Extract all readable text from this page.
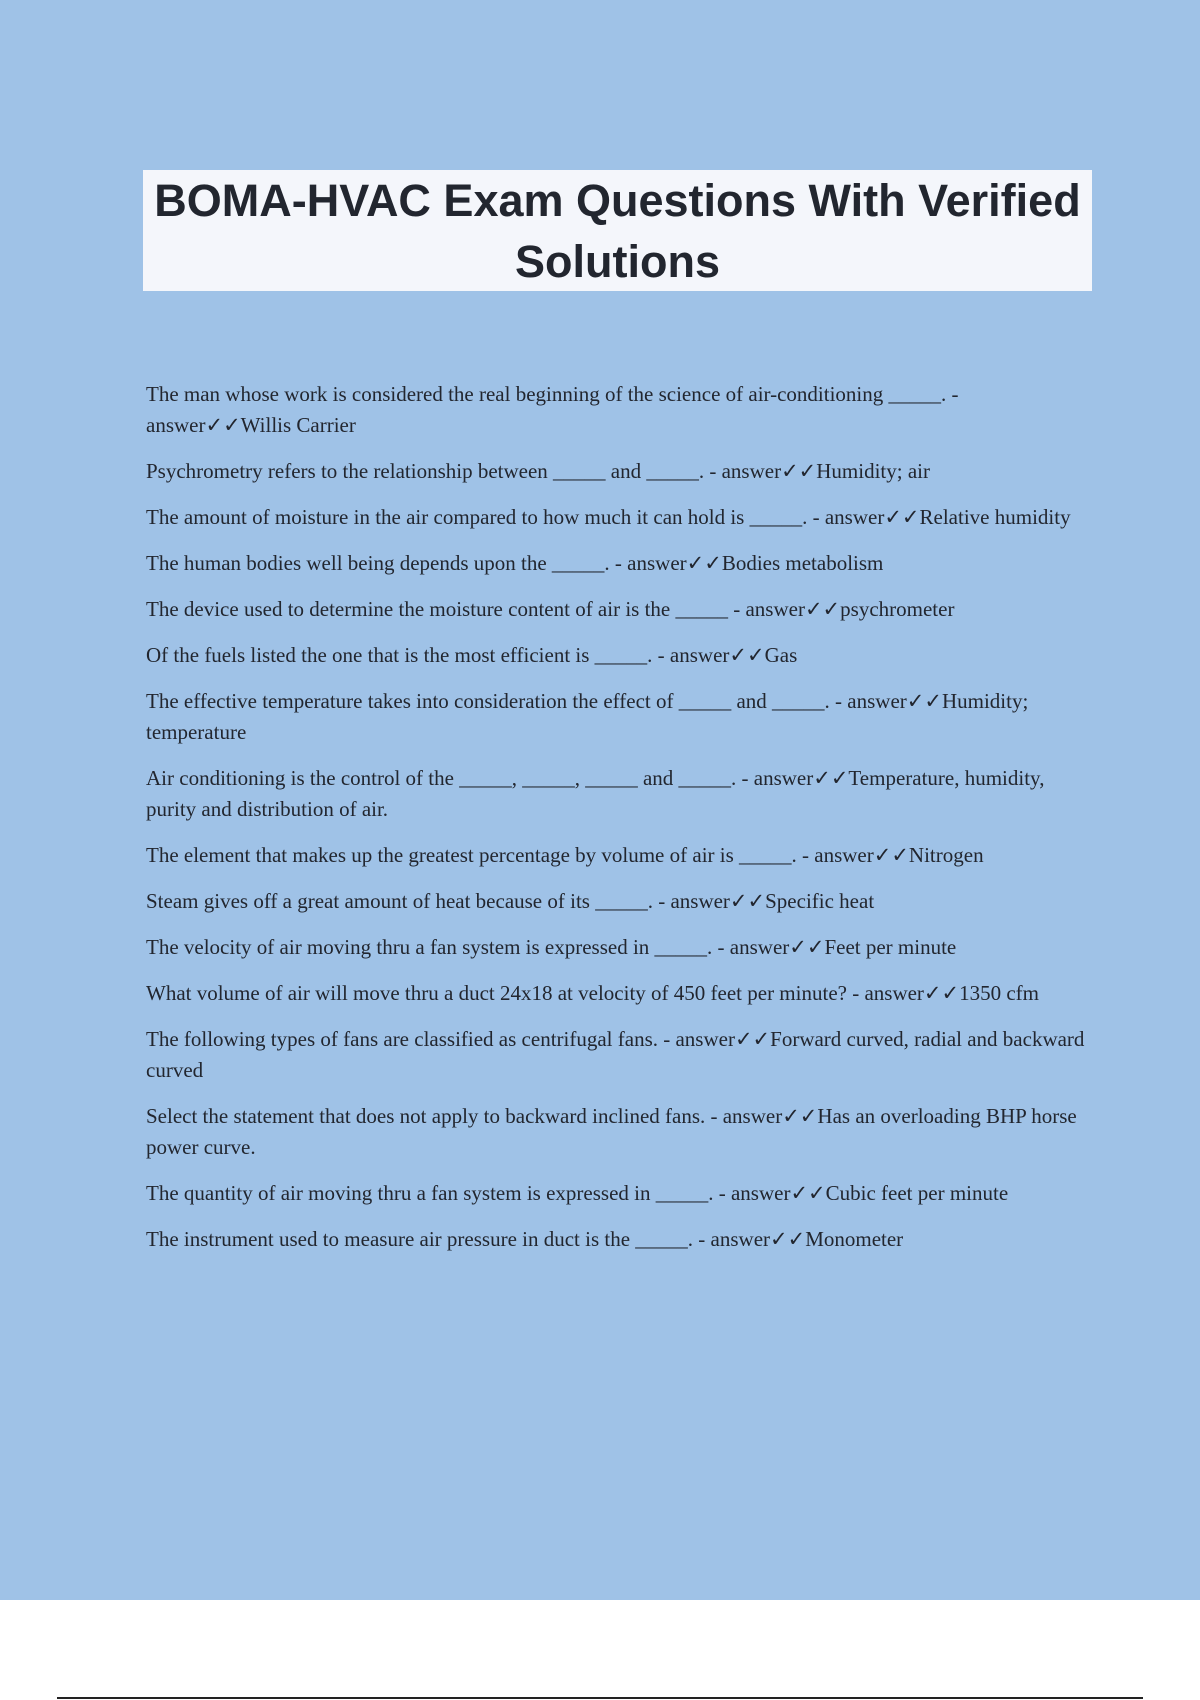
BOMA-HVAC Exam Questions With Verified Solutions
The man whose work is considered the real beginning of the science of air-conditioning _____. - answer✓✓Willis Carrier
Psychrometry refers to the relationship between _____ and _____. - answer✓✓Humidity; air
The amount of moisture in the air compared to how much it can hold is _____. - answer✓✓Relative humidity
The human bodies well being depends upon the _____. - answer✓✓Bodies metabolism
The device used to determine the moisture content of air is the _____ - answer✓✓psychrometer
Of the fuels listed the one that is the most efficient is _____. - answer✓✓Gas
The effective temperature takes into consideration the effect of _____ and _____. - answer✓✓Humidity; temperature
Air conditioning is the control of the _____, _____, _____ and _____. - answer✓✓Temperature, humidity, purity and distribution of air.
The element that makes up the greatest percentage by volume of air is _____. - answer✓✓Nitrogen
Steam gives off a great amount of heat because of its _____. - answer✓✓Specific heat
The velocity of air moving thru a fan system is expressed in _____. - answer✓✓Feet per minute
What volume of air will move thru a duct 24x18 at velocity of 450 feet per minute? - answer✓✓1350 cfm
The following types of fans are classified as centrifugal fans. - answer✓✓Forward curved, radial and backward curved
Select the statement that does not apply to backward inclined fans. - answer✓✓Has an overloading BHP horse power curve.
The quantity of air moving thru a fan system is expressed in _____. - answer✓✓Cubic feet per minute
The instrument used to measure air pressure in duct is the _____. - answer✓✓Monometer
